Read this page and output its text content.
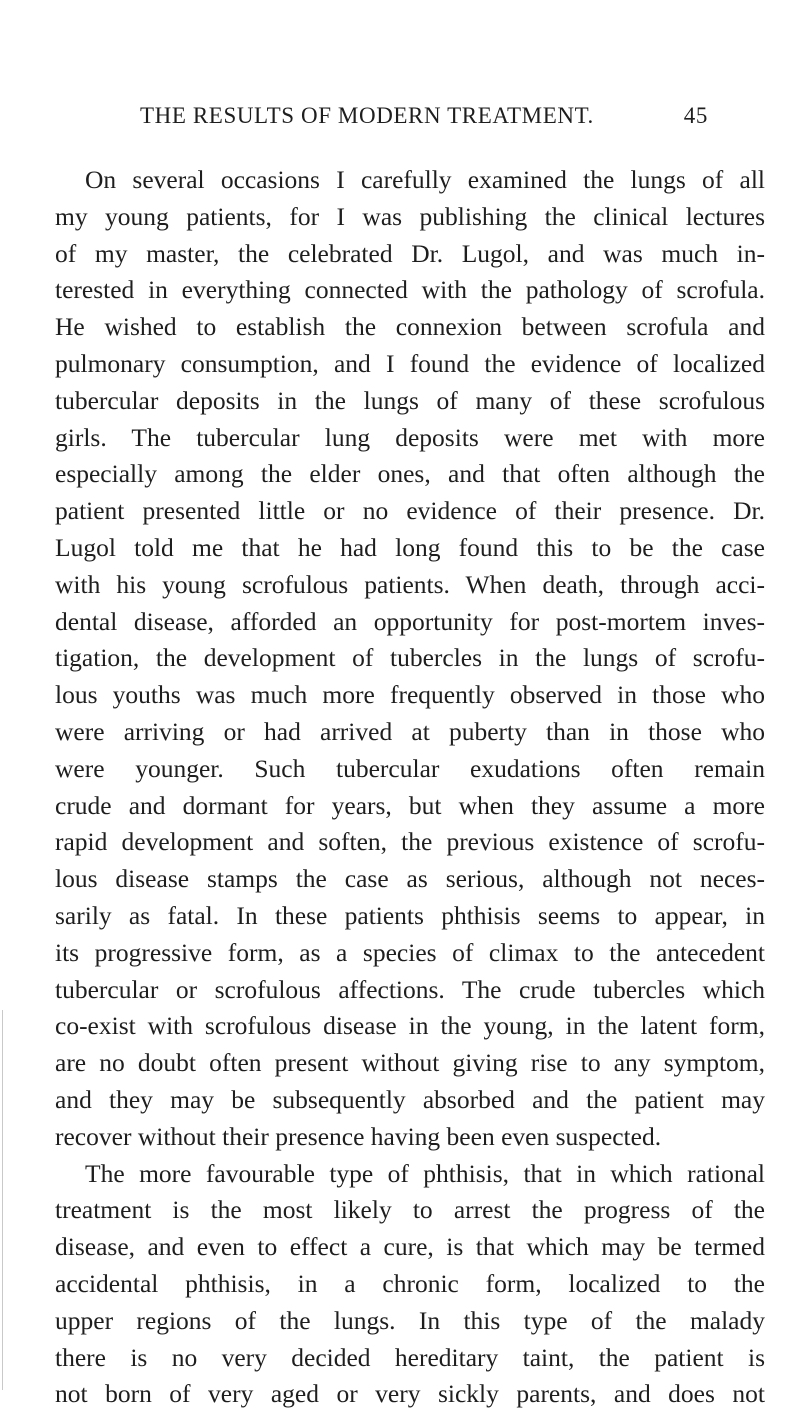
THE RESULTS OF MODERN TREATMENT.	45
On several occasions I carefully examined the lungs of all
my young patients, for I was publishing the clinical lectures
of my master, the celebrated Dr. Lugol, and was much in-
terested in everything connected with the pathology of scrofula.
He wished to establish the connexion between scrofula and
pulmonary consumption, and I found the evidence of localized
tubercular deposits in the lungs of many of these scrofulous
girls. The tubercular lung deposits were met with more
especially among the elder ones, and that often although the
patient presented little or no evidence of their presence. Dr.
Lugol told me that he had long found this to be the case
with his young scrofulous patients. When death, through acci-
dental disease, afforded an opportunity for post-mortem inves-
tigation, the development of tubercles in the lungs of scrofu-
lous youths was much more frequently observed in those who
were arriving or had arrived at puberty than in those who
were younger. Such tubercular exudations often remain
crude and dormant for years, but when they assume a more
rapid development and soften, the previous existence of scrofu-
lous disease stamps the case as serious, although not neces-
sarily as fatal. In these patients phthisis seems to appear, in
its progressive form, as a species of climax to the antecedent
tubercular or scrofulous affections. The crude tubercles which
co-exist with scrofulous disease in the young, in the latent form,
are no doubt often present without giving rise to any symptom,
and they may be subsequently absorbed and the patient may
recover without their presence having been even suspected.
The more favourable type of phthisis, that in which rational
treatment is the most likely to arrest the progress of the
disease, and even to effect a cure, is that which may be termed
accidental phthisis, in a chronic form, localized to the
upper regions of the lungs. In this type of the malady
there is no very decided hereditary taint, the patient is
not born of very aged or very sickly parents, and does not
